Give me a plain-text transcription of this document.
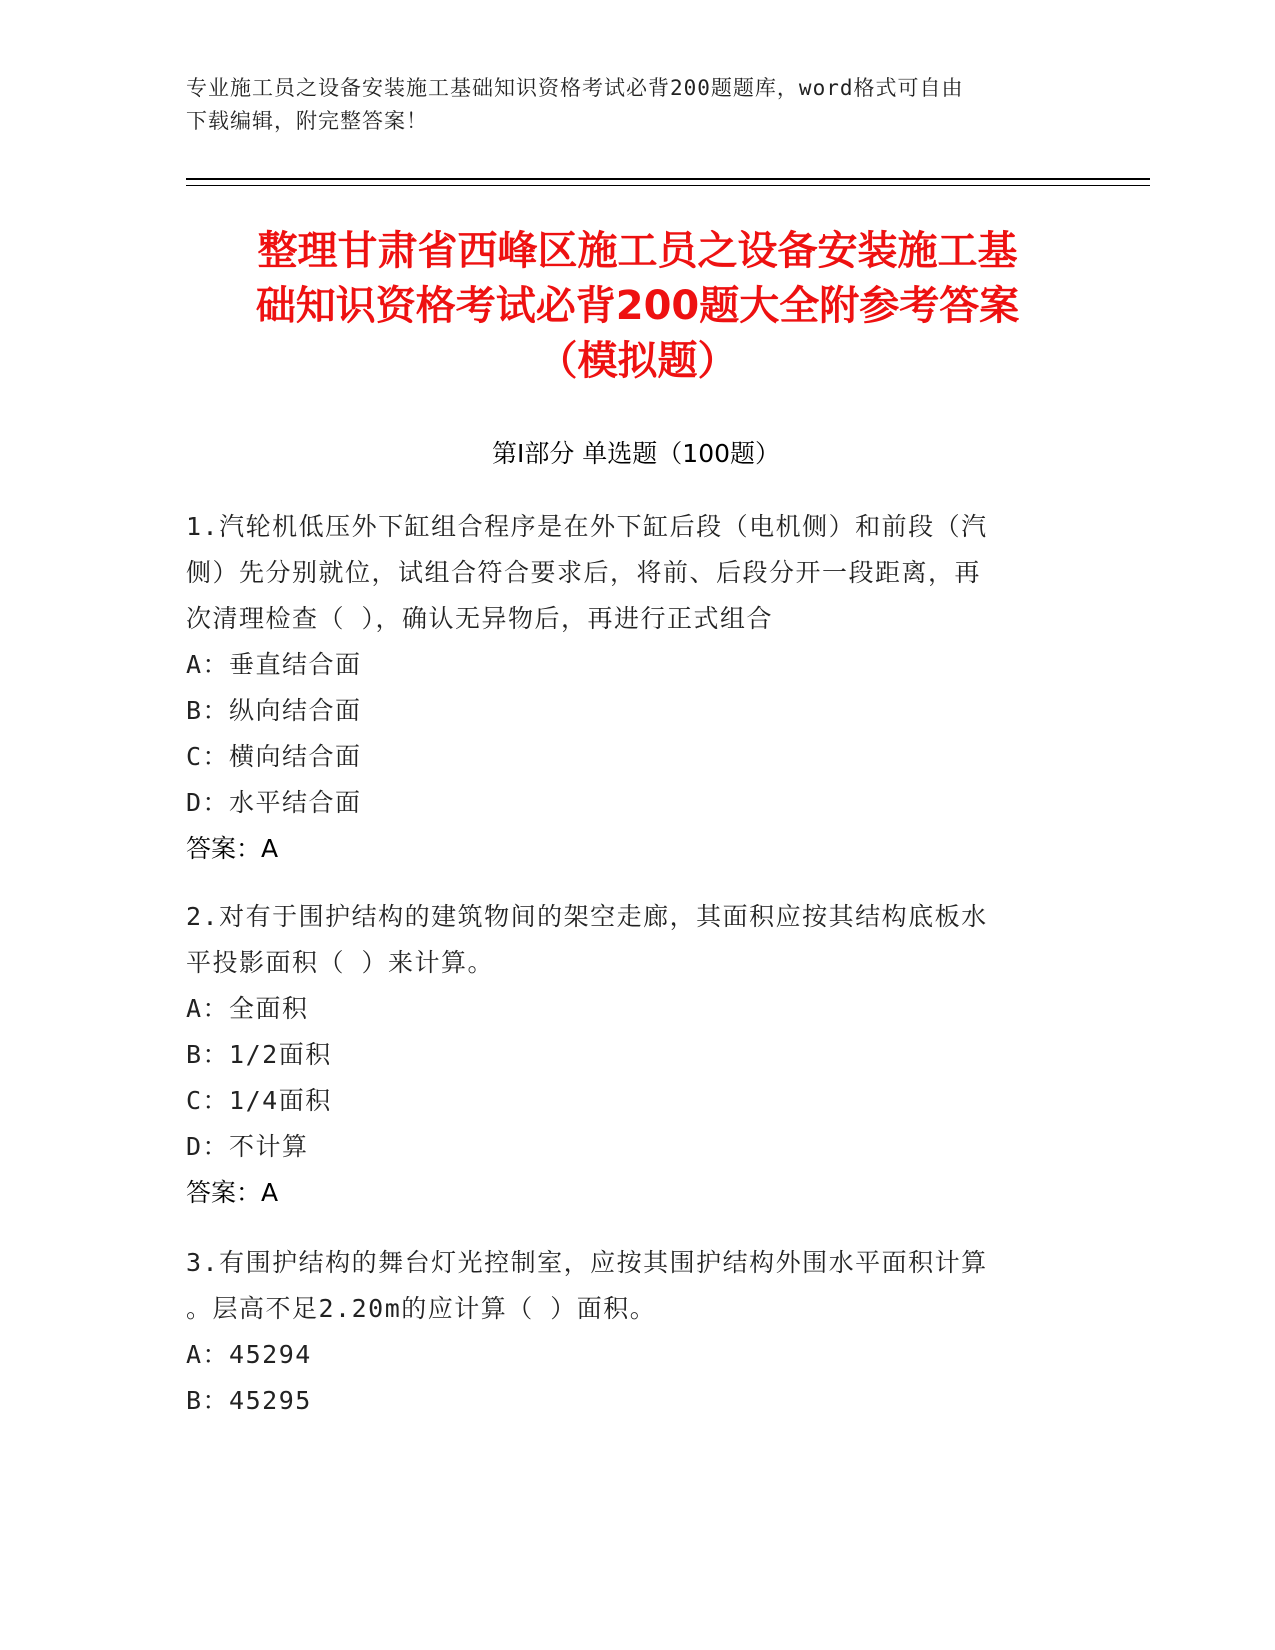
专业施工员之设备安装施工基础知识资格考试必背200题题库，word格式可自由
下载编辑，附完整答案！
整理甘肃省西峰区施工员之设备安装施工基
础知识资格考试必背200题大全附参考答案
（模拟题）
第Ⅰ部分 单选题（100题）
1.汽轮机低压外下缸组合程序是在外下缸后段（电机侧）和前段（汽
侧）先分别就位，试组合符合要求后，将前、后段分开一段距离，再
次清理检查（ ），确认无异物后，再进行正式组合
A：垂直结合面
B：纵向结合面
C：横向结合面
D：水平结合面
答案：A
2.对有于围护结构的建筑物间的架空走廊，其面积应按其结构底板水
平投影面积（ ）来计算。
A：全面积
B：1/2面积
C：1/4面积
D：不计算
答案：A
3.有围护结构的舞台灯光控制室，应按其围护结构外围水平面积计算
。层高不足2.20m的应计算（ ）面积。
A：45294
B：45295
